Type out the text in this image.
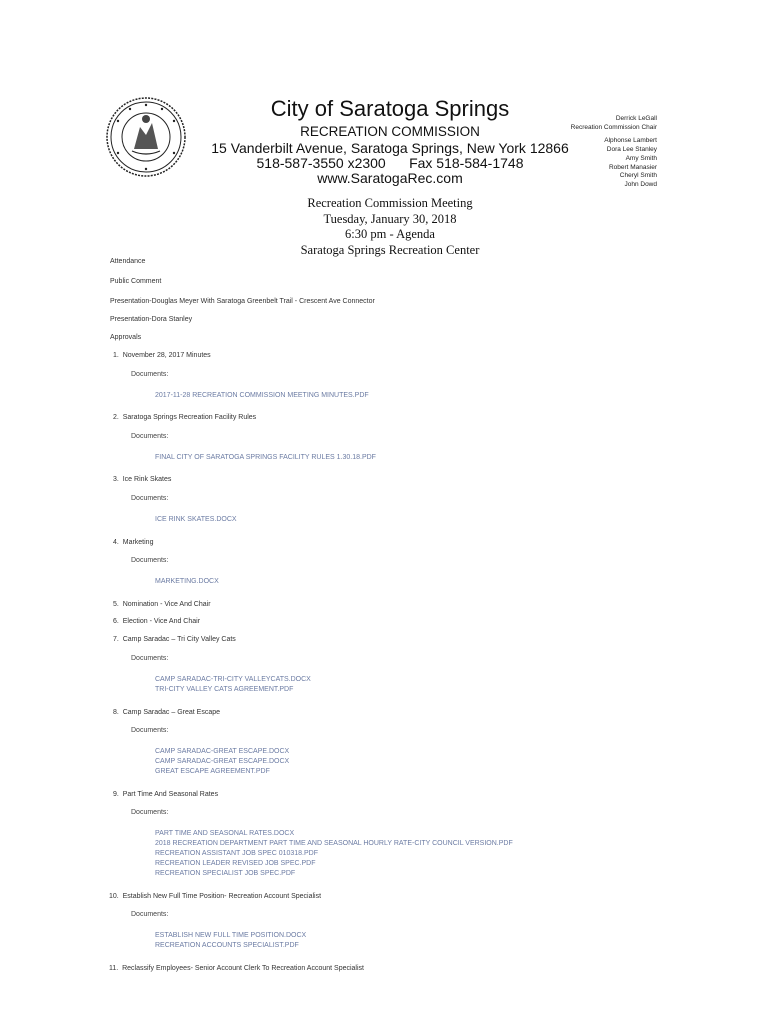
City of Saratoga Springs
RECREATION COMMISSION
15 Vanderbilt Avenue, Saratoga Springs, New York 12866
518-587-3550 x2300 Fax 518-584-1748
www.SaratogaRec.com
Derrick LeGall
Recreation Commission Chair
Alphonse Lambert
Dora Lee Stanley
Amy Smith
Robert Manasier
Cheryl Smith
John Dowd
Recreation Commission Meeting
Tuesday, January 30, 2018
6:30 pm - Agenda
Saratoga Springs Recreation Center
Attendance
Public Comment
Presentation-Douglas Meyer With Saratoga Greenbelt Trail - Crescent Ave Connector
Presentation-Dora Stanley
Approvals
1. November 28, 2017 Minutes
Documents:
2017-11-28 RECREATION COMMISSION MEETING MINUTES.PDF
2. Saratoga Springs Recreation Facility Rules
Documents:
FINAL CITY OF SARATOGA SPRINGS FACILITY RULES 1.30.18.PDF
3. Ice Rink Skates
Documents:
ICE RINK SKATES.DOCX
4. Marketing
Documents:
MARKETING.DOCX
5. Nomination - Vice And Chair
6. Election - Vice And Chair
7. Camp Saradac – Tri City Valley Cats
Documents:
CAMP SARADAC-TRI-CITY VALLEYCATS.DOCX
TRI-CITY VALLEY CATS AGREEMENT.PDF
8. Camp Saradac – Great Escape
Documents:
CAMP SARADAC-GREAT ESCAPE.DOCX
CAMP SARADAC-GREAT ESCAPE.DOCX
GREAT ESCAPE AGREEMENT.PDF
9. Part Time And Seasonal Rates
Documents:
PART TIME AND SEASONAL RATES.DOCX
2018 RECREATION DEPARTMENT PART TIME AND SEASONAL HOURLY RATE-CITY COUNCIL VERSION.PDF
RECREATION ASSISTANT JOB SPEC 010318.PDF
RECREATION LEADER REVISED JOB SPEC.PDF
RECREATION SPECIALIST JOB SPEC.PDF
10. Establish New Full Time Position- Recreation Account Specialist
Documents:
ESTABLISH NEW FULL TIME POSITION.DOCX
RECREATION ACCOUNTS SPECIALIST.PDF
11. Reclassify Employees- Senior Account Clerk To Recreation Account Specialist
